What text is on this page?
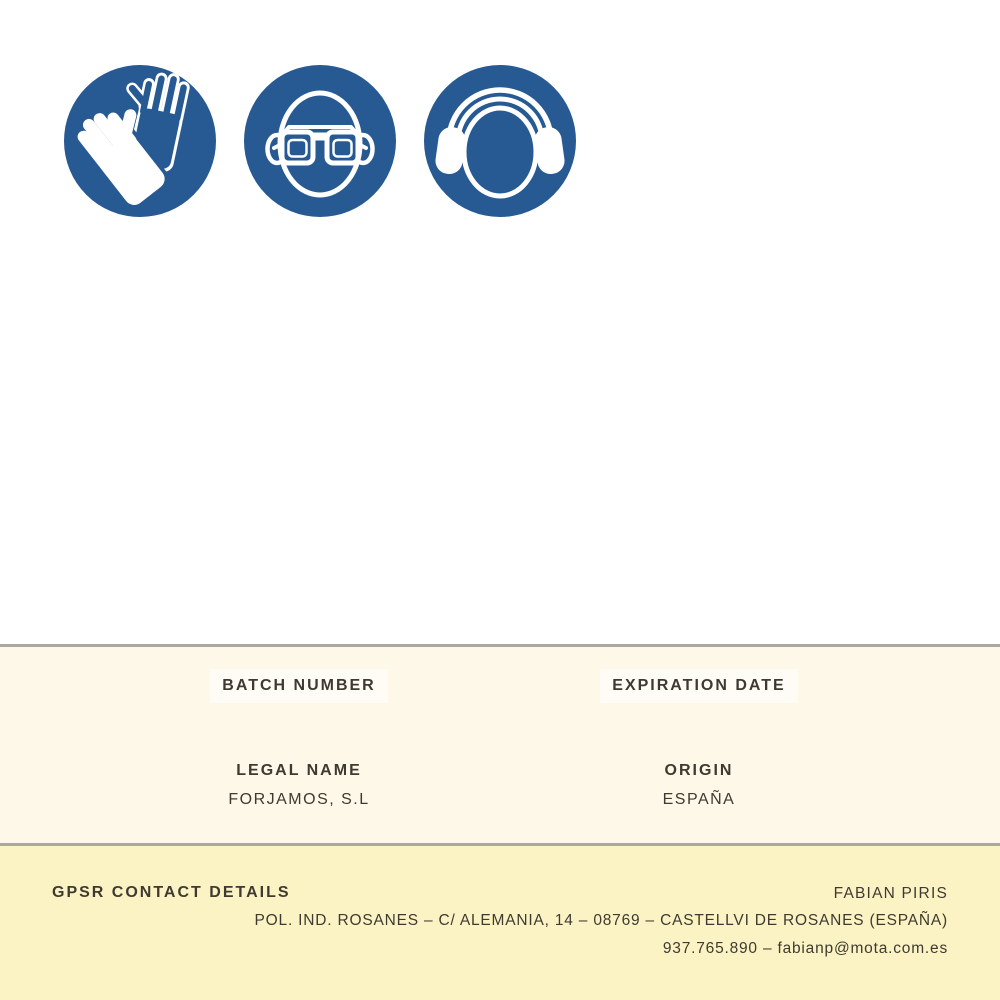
BATCH NUMBER	EXPIRATION DATE
LEGAL NAME
FORJAMOS, S.L
ORIGIN
ESPAÑA
GPSR CONTACT DETAILS	FABIAN PIRIS
POL. IND. ROSANES – C/ ALEMANIA, 14 – 08769 – CASTELLVI DE ROSANES (ESPAÑA)
937.765.890 – fabianp@mota.com.es
